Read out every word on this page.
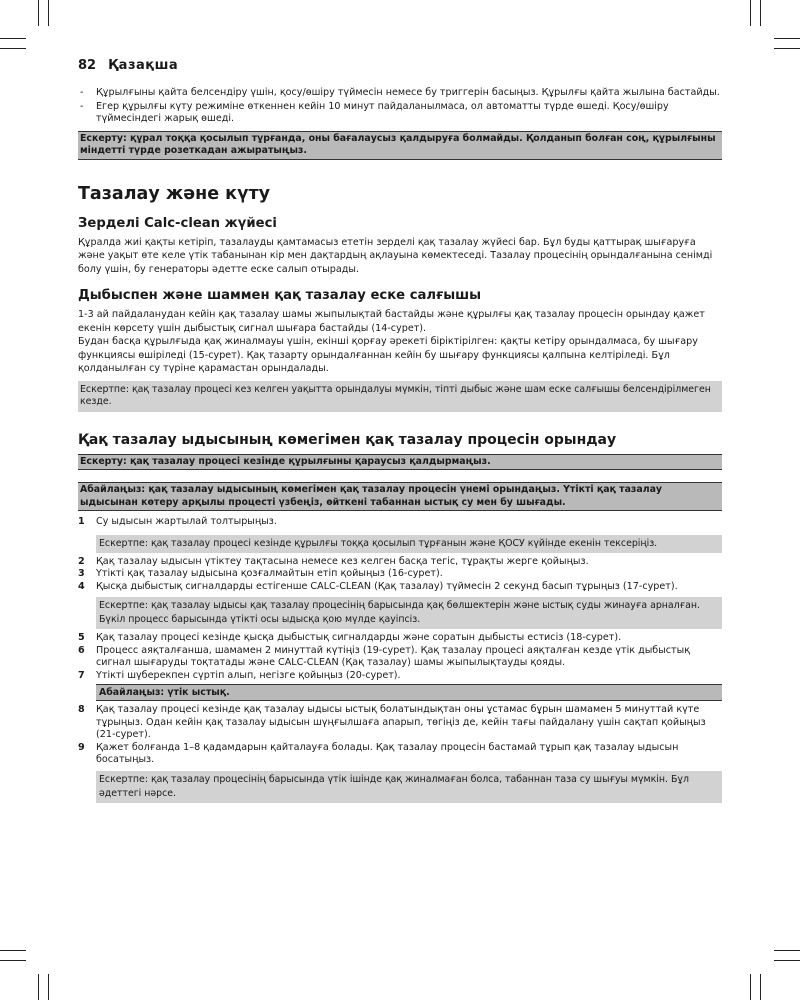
82 Қазақша
- Құрылғыны қайта белсендіру үшін, қосу/өшіру түймесін немесе бу триггерін басыңыз. Құрылғы қайта жылына бастайды.
- Егер құрылғы күту режиміне өткеннен кейін 10 минут пайдаланылмаса, ол автоматты түрде өшеді. Қосу/өшіру түймесіндегі жарық өшеді.
Ескерту: құрал тоққа қосылып тұрғанда, оны бағалаусыз қалдыруға болмайды. Қолданып болған соң, құрылғыны міндетті түрде розеткадан ажыратыңыз.
Тазалау және күту
Зерделі Calc-clean жүйесі

Құралда жиі қақты кетіріп, тазалауды қамтамасыз ететін зерделі қақ тазалау жүйесі бар. Бұл буды қаттырақ шығаруға және уақыт өте келе үтік табанынан кір мен дақтардың ақлауына көмектеседі. Тазалау процесінің орындалғанына сенімді болу үшін, бу генераторы әдетте еске салып отырады.

Дыбыспен және шаммен қақ тазалау еске салғышы

1-3 ай пайдаланудан кейін қақ тазалау шамы жыпылықтай бастайды және құрылғы қақ тазалау процесін орындау қажет екенін көрсету үшін дыбыстық сигнал шығара бастайды (14-сурет).

Будан басқа құрылғыда қақ жиналмауы үшін, екінші қорғау әрекеті біріктірілген: қақты кетіру орындалмаса, бу шығару функциясы өшіріледі (15-сурет). Қақ тазарту орындалғаннан кейін бу шығару функциясы қалпына келтіріледі. Бұл қолданылған су түріне қарамастан орындалады.

Ескертпе: қақ тазалау процесі кез келген уақытта орындалуы мүмкін, тіпті дыбыс және шам еске салғышы белсендірілмеген кезде.
Қақ тазалау ыдысының көмегімен қақ тазалау процесін орындау
Ескерту: қақ тазалау процесі кезінде құрылғыны қараусыз қалдырмаңыз.
Абайлаңыз: қақ тазалау ыдысының көмегімен қақ тазалау процесін үнемі орындаңыз. Үтікті қақ тазалау ыдысынан көтеру арқылы процесті үзбеңіз, өйткені табаннан ыстық су мен бу шығады.
1	Су ыдысын жартылай толтырыңыз.
Ескертпе: қақ тазалау процесі кезінде құрылғы тоққа қосылып тұрғанын және ҚОСУ күйінде екенін тексеріңіз.
2	Қақ тазалау ыдысын үтіктеу тақтасына немесе кез келген басқа тегіс, тұрақты жерге қойыңыз.
3	Үтікті қақ тазалау ыдысына қозғалмайтын етіп қойыңыз (16-сурет).
4	Қысқа дыбыстық сигналдарды естігенше CALC-CLEAN (Қақ тазалау) түймесін 2 секунд басып тұрыңыз (17-сурет).
Ескертпе: қақ тазалау ыдысы қақ тазалау процесінің барысында қақ бөлшектерін және ыстық суды жинауға арналған. Бүкіл процесс барысында үтікті осы ыдысқа қою мүлде қауіпсіз.
5	Қақ тазалау процесі кезінде қысқа дыбыстық сигналдарды және соратын дыбысты естисіз (18-сурет).
6	Процесс аяқталғанша, шамамен 2 минуттай күтіңіз (19-сурет). Қақ тазалау процесі аяқталған кезде үтік дыбыстық сигнал шығаруды тоқтатады және CALC-CLEAN (Қақ тазалау) шамы жыпылықтауды қояды.
7	Үтікті шүберекпен сүртіп алып, негізге қойыңыз (20-сурет).
Абайлаңыз: үтік ыстық.
8	Қақ тазалау процесі кезінде қақ тазалау ыдысы ыстық болатындықтан оны ұстамас бұрын шамамен 5 минуттай күте тұрыңыз. Одан кейін қақ тазалау ыдысын шүңғылшаға апарып, төгіңіз де, кейін тағы пайдалану үшін сақтап қойыңыз (21-сурет).
9	Қажет болғанда 1–8 қадамдарын қайталауға болады. Қақ тазалау процесін бастамай тұрып қақ тазалау ыдысын босатыңыз.
Ескертпе: қақ тазалау процесінің барысында үтік ішінде қақ жиналмаған болса, табаннан таза су шығуы мүмкін. Бұл әдеттегі нәрсе.
